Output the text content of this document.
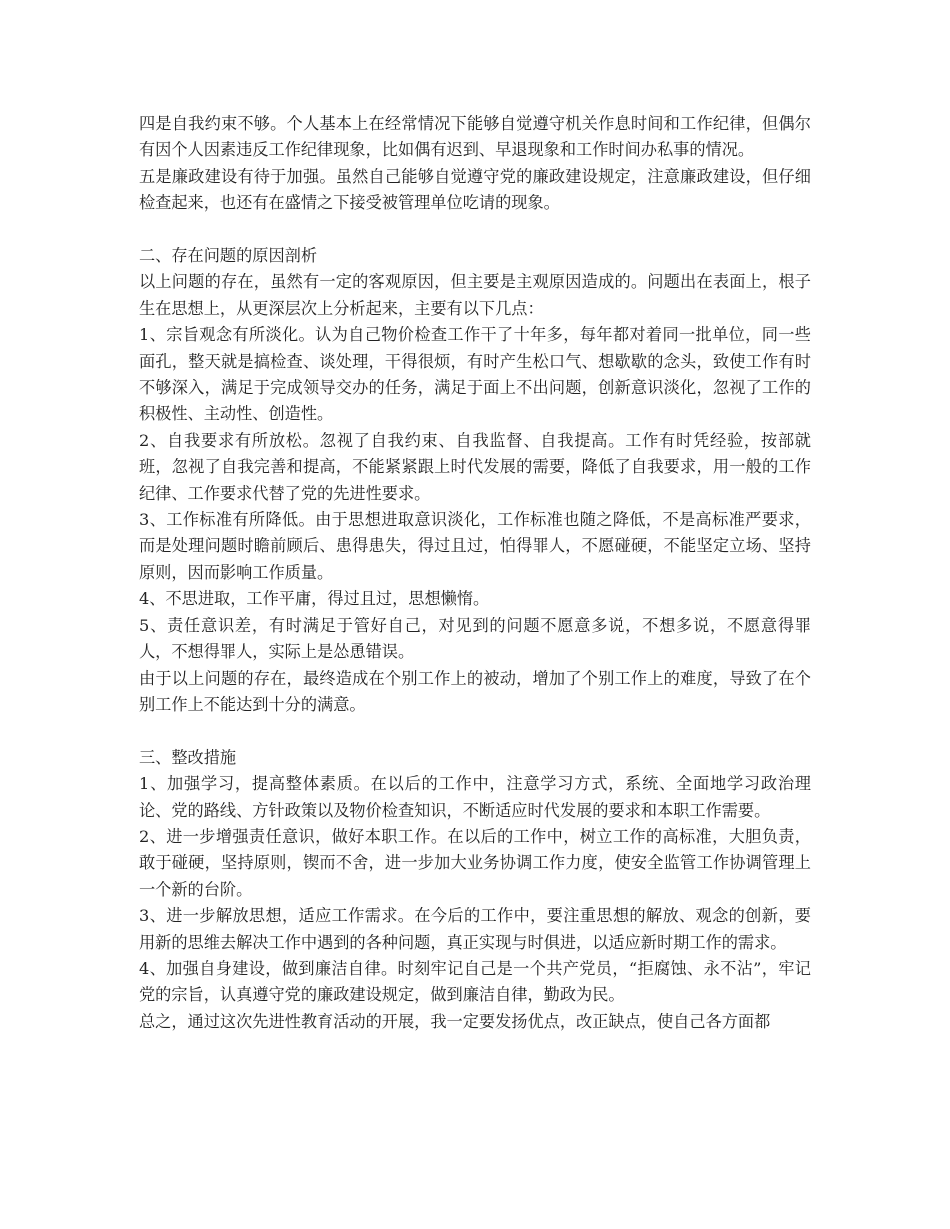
四是自我约束不够。个人基本上在经常情况下能够自觉遵守机关作息时间和工作纪律，但偶尔有因个人因素违反工作纪律现象，比如偶有迟到、早退现象和工作时间办私事的情况。

五是廉政建设有待于加强。虽然自己能够自觉遵守党的廉政建设规定，注意廉政建设，但仔细检查起来，也还有在盛情之下接受被管理单位吃请的现象。

二、存在问题的原因剖析

以上问题的存在，虽然有一定的客观原因，但主要是主观原因造成的。问题出在表面上，根子生在思想上，从更深层次上分析起来，主要有以下几点：

1、宗旨观念有所淡化。认为自己物价检查工作干了十年多，每年都对着同一批单位，同一些面孔，整天就是搞检查、谈处理，干得很烦，有时产生松口气、想歇歇的念头，致使工作有时不够深入，满足于完成领导交办的任务，满足于面上不出问题，创新意识淡化，忽视了工作的积极性、主动性、创造性。

2、自我要求有所放松。忽视了自我约束、自我监督、自我提高。工作有时凭经验，按部就班，忽视了自我完善和提高，不能紧紧跟上时代发展的需要，降低了自我要求，用一般的工作纪律、工作要求代替了党的先进性要求。

3、工作标准有所降低。由于思想进取意识淡化，工作标准也随之降低，不是高标准严要求，而是处理问题时瞻前顾后、患得患失，得过且过，怕得罪人，不愿碰硬，不能坚定立场、坚持原则，因而影响工作质量。

4、不思进取，工作平庸，得过且过，思想懒惰。

5、责任意识差，有时满足于管好自己，对见到的问题不愿意多说，不想多说，不愿意得罪人，不想得罪人，实际上是怂恿错误。

由于以上问题的存在，最终造成在个别工作上的被动，增加了个别工作上的难度，导致了在个别工作上不能达到十分的满意。

三、整改措施

1、加强学习，提高整体素质。在以后的工作中，注意学习方式，系统、全面地学习政治理论、党的路线、方针政策以及物价检查知识，不断适应时代发展的要求和本职工作需要。

2、进一步增强责任意识，做好本职工作。在以后的工作中，树立工作的高标准，大胆负责，敢于碰硬，坚持原则，锲而不舍，进一步加大业务协调工作力度，使安全监管工作协调管理上一个新的台阶。

3、进一步解放思想，适应工作需求。在今后的工作中，要注重思想的解放、观念的创新，要用新的思维去解决工作中遇到的各种问题，真正实现与时俱进，以适应新时期工作的需求。

4、加强自身建设，做到廉洁自律。时刻牢记自己是一个共产党员，“拒腐蚀、永不沾”，牢记党的宗旨，认真遵守党的廉政建设规定，做到廉洁自律，勤政为民。

总之，通过这次先进性教育活动的开展，我一定要发扬优点，改正缺点，使自己各方面都
